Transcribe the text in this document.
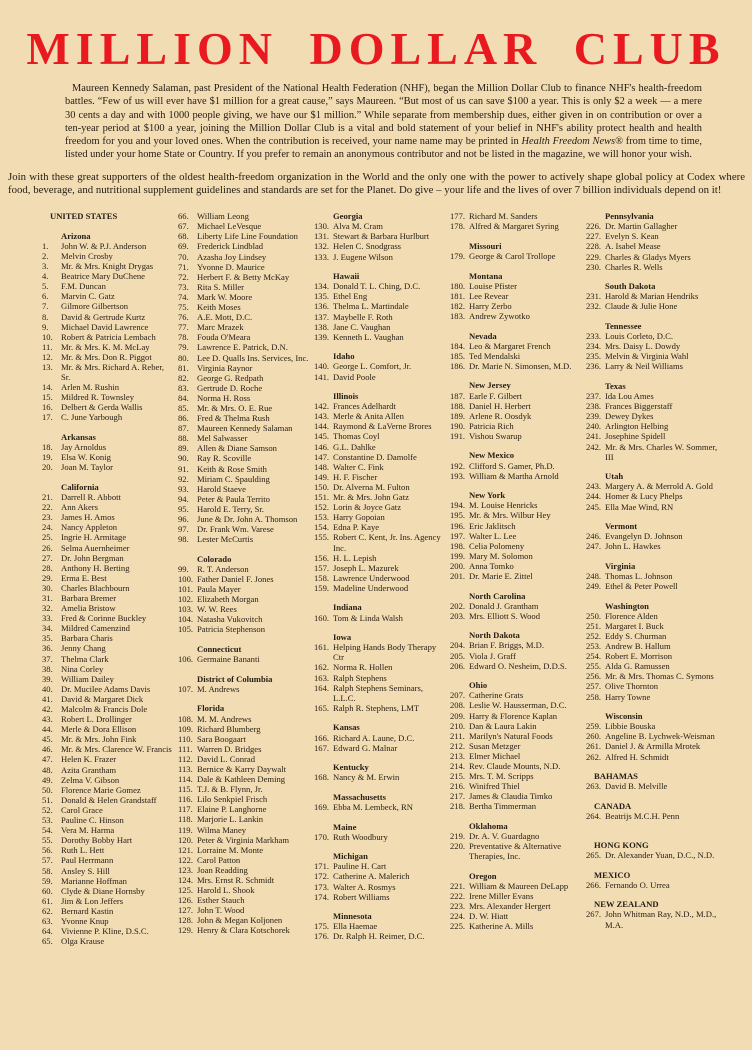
MILLION DOLLAR CLUB

Maureen Kennedy Salaman, past President of the National Health Federation (NHF), began the Million Dollar Club to finance NHF's health-freedom battles. “Few of us will ever have $1 million for a great cause,” says Maureen. “But most of us can save $100 a year. This is only $2 a week — a mere 30 cents a day and with 1000 people giving, we have our $1 million.” While separate from membership dues, either given in on contribution or over a ten-year period at $100 a year, joining the Million Dollar Club is a vital and bold statement of your belief in NHF's ability protect health and health freedom for you and your loved ones. When the contribution is received, your name name may be printed in Health Freedom News® from time to time, listed under your home State or Country. If you prefer to remain an anonymous contributor and not be listed in the magazine, we will honor your wish.

Join with these great supporters of the oldest health-freedom organization in the World and the only one with the power to actively shape global policy at Codex where food, beverage, and nutritional supplement guidelines and standards are set for the Planet. Do give – your life and the lives of over 7 billion individuals depend on it!

UNITED STATES
Arizona
1.	John W. & P.J. Anderson
2.	Melvin Crosby
3.	Mr. & Mrs. Knight Drygas
4.	Beatrice Mary DuChene
5.	F.M. Duncan
6.	Marvin C. Gatz
7.	Gilmore Gilbertson
8.	David & Gertrude Kurtz
9.	Michael David Lawrence
10. Robert & Patricia Lembach
11. Mr. & Mrs. K. M. McLay
12. Mr. & Mrs. Don R. Piggot
13. Mr. & Mrs. Richard A. Reber, Sr.
14. Arlen M. Rushin
15. Mildred R. Townsley
16. Delbert & Gerda Wallis
17. C. June Yarbough
Arkansas
18. Jay Arnoldus
19. Elsa W. Konig
20. Joan M. Taylor
California
21. Darrell R. Abbott
22. Ann Akers
23. James H. Amos
24. Nancy Appleton
25. Ingrie H. Armitage
26. Selma Auernheimer
27. Dr. John Bergman
28. Anthony H. Berting
29. Erma E. Best
30. Charles Blachbourn
31. Barbara Bremer
32. Amelia Bristow
33. Fred & Corinne Buckley
34. Mildred Camenzind
35. Barbara Charis
36. Jenny Chang
37. Thelma Clark
38. Nina Corley
39. William Dailey
40. Dr. Mucilee Adams Davis
41. David & Margaret Dick
42. Malcolm & Francis Dole
43. Robert L. Drollinger
44. Merle & Dora Ellison
45. Mr. & Mrs. John Fink
46. Mr. & Mrs. Clarence W. Francis
47. Helen K. Frazer
48. Azita Grantham
49. Zelma V. Gibson
50. Florence Marie Gomez
51. Donald & Helen Grandstaff
52. Carol Grace
53. Pauline C. Hinson
54. Vera M. Harma
55. Dorothy Bobby Hart
56. Ruth L. Hett
57. Paul Herrmann
58. Ansley S. Hill
59. Marianne Hoffman
60. Clyde & Diane Hornsby
61. Jim & Lon Jeffers
62. Bernard Kastin
63. Yvonne Knup
64. Vivienne P. Kline, D.S.C.
65. Olga Krause
66. William Leong
67. Michael LeVesque
68. Liberty Life Line Foundation
69. Frederick Lindblad
70. Azasha Joy Lindsey
71. Yvonne D. Maurice
72. Herbert F. & Betty McKay
73. Rita S. Miller
74. Mark W. Moore
75. Keith Moses
76. A.E. Mott, D.C.
77. Marc Mrazek
78. Fouda O'Meara
79. Lawrence E. Patrick, D.N.
80. Lee D. Qualls Ins. Services, Inc.
81. Virginia Raynor
82. George G. Redpath
83. Gertrude D. Roche
84. Norma H. Ross
85. Mr. & Mrs. O. E. Rue
86. Fred & Thelma Rush
87. Maureen Kennedy Salaman
88. Mel Salwasser
89. Allen & Diane Samson
90. Ray R. Scoville
91. Keith & Rose Smith
92. Miriam C. Spaulding
93. Harold Staeve
94. Peter & Paula Territo
95. Harold E. Terry, Sr.
96. June & Dr. John A. Thomson
97. Dr. Frank Wm. Varese
98. Lester McCurtis
Colorado
99. R. T. Anderson
100. Father Daniel F. Jones
101. Paula Mayer
102. Elizabeth Morgan
103. W. W. Rees
104. Natasha Vukovitch
105. Patricia Stephenson
Connecticut
106. Germaine Bananti
District of Columbia
107. M. Andrews
Florida
108. M. M. Andrews
109. Richard Blumberg
110. Sara Boogaart
111. Warren D. Bridges
112. David L. Conrad
113. Bernice & Karry Daywalt
114. Dale & Kathleen Deming
115. T.J. & B. Flynn, Jr.
116. Lilo Senkpiel Frisch
117. Elaine P. Langhorne
118. Marjorie L. Lankin
119. Wilma Maney
120. Peter & Virginia Markham
121. Lorraine M. Monte
122. Carol Patton
123. Joan Readding
124. Mrs. Ernst R. Schmidt
125. Harold L. Shook
126. Esther Stauch
127. John T. Wood
128. John & Megan Koljonen
129. Henry & Clara Kotschorek
Georgia
130. Alva M. Cram
131. Stewart & Barbara Hurlburt
132. Helen C. Snodgrass
133. J. Eugene Wilson
Hawaii
134. Donald T. L. Ching, D.C.
135. Ethel Eng
136. Thelma L. Martindale
137. Maybelle F. Roth
138. Jane C. Vaughan
139. Kenneth L. Vaughan
Idaho
140. George L. Comfort, Jr.
141. David Poole
Illinois
142. Frances Adelhardt
143. Merle & Anita Allen
144. Raymond & LaVerne Brores
145. Thomas Coyl
146. G.L. Dahlke
147. Constantine D. Damolfe
148. Walter C. Fink
149. H. F. Fischer
150. Dr. Alverna M. Fulton
151. Mr. & Mrs. John Gatz
152. Lorin & Joyce Gatz
153. Harry Gopoian
154. Edna P. Kaye
155. Robert C. Kent, Jr. Ins. Agency Inc.
156. H. L. Lepish
157. Joseph L. Mazurek
158. Lawrence Underwood
159. Madeline Underwood
Indiana
160. Tom & Linda Walsh
Iowa
161. Helping Hands Body Therapy Ctr
162. Norma R. Hollen
163. Ralph Stephens
164. Ralph Stephens Seminars, L.L.C.
165. Ralph R. Stephens, LMT
Kansas
166. Richard A. Laune, D.C.
167. Edward G. Malnar
Kentucky
168. Nancy & M. Erwin
Massachusetts
169. Ebba M. Lembeck, RN
Maine
170. Ruth Woodbury
Michigan
171. Pauline H. Cart
172. Catherine A. Malerich
173. Walter A. Rosmys
174. Robert Williams
Minnesota
175. Ella Haemae
176. Dr. Ralph H. Reimer, D.C.
177. Richard M. Sanders
178. Alfred & Margaret Syring
Missouri
179. George & Carol Trollope
Montana
180. Louise Pfister
181. Lee Revear
182. Harry Zerbo
183. Andrew Zywotko
Nevada
184. Leo & Margaret French
185. Ted Mendalski
186. Dr. Marie N. Simonsen, M.D.
New Jersey
187. Earle F. Gilbert
188. Daniel H. Herbert
189. Arlene R. Oosdyk
190. Patricia Rich
191. Vishou Swarup
New Mexico
192. Clifford S. Gamer, Ph.D.
193. William & Martha Arnold
New York
194. M. Louise Henricks
195. Mr. & Mrs. Wilbur Hey
196. Eric Jaklitsch
197. Walter L. Lee
198. Celia Polomeny
199. Mary M. Solomon
200. Anna Tomko
201. Dr. Marie E. Zittel
North Carolina
202. Donald J. Grantham
203. Mrs. Elliott S. Wood
North Dakota
204. Brian F. Briggs, M.D.
205. Viola J. Graff
206. Edward O. Nesheim, D.D.S.
Ohio
207. Catherine Grats
208. Leslie W. Hausserman, D.C.
209. Harry & Florence Kaplan
210. Dan & Laura Lakin
211. Marilyn's Natural Foods
212. Susan Metzger
213. Elmer Michael
214. Rev. Claude Mounts, N.D.
215. Mrs. T. M. Scripps
216. Winifred Thiel
217. James & Claudia Timko
218. Bertha Timmerman
Oklahoma
219. Dr. A. V. Guardagno
220. Preventative & Alternative Therapies, Inc.
Oregon
221. William & Maureen DeLapp
222. Irene Miller Evans
223. Mrs. Alexander Hergert
224. D. W. Hiatt
225. Katherine A. Mills
Pennsylvania
226. Dr. Martin Gallagher
227. Evelyn S. Kean
228. A. Isabel Mease
229. Charles & Gladys Myers
230. Charles R. Wells
South Dakota
231. Harold & Marian Hendriks
232. Claude & Julie Hone
Tennessee
233. Louis Corleto, D.C.
234. Mrs. Daisy L. Dowdy
235. Melvin & Virginia Wahl
236. Larry & Neil Williams
Texas
237. Ida Lou Ames
238. Frances Biggerstaff
239. Dewey Dykes
240. Arlington Helbing
241. Josephine Spidell
242. Mr. & Mrs. Charles W. Sommer, III
Utah
243. Margery A. & Merrold A. Gold
244. Homer & Lucy Phelps
245. Ella Mae Wind, RN
Vermont
246. Evangelyn D. Johnson
247. John L. Hawkes
Virginia
248. Thomas L. Johnson
249. Ethel & Peter Powell
Washington
250. Florence Alden
251. Margaret I. Buck
252. Eddy S. Churman
253. Andrew B. Hallum
254. Robert E. Morrison
255. Alda G. Ramussen
256. Mr. & Mrs. Thomas C. Symons
257. Olive Thornton
258. Harry Towne
Wisconsin
259. Libbie Bouska
260. Angeline B. Lychwek-Weisman
261. Daniel J. & Armilla Mrotek
262. Alfred H. Schmidt
BAHAMAS
263. David B. Melville
CANADA
264. Beatrijs M.C.H. Penn
HONG KONG
265. Dr. Alexander Yuan, D.C., N.D.
MEXICO
266. Fernando O. Urrea
NEW ZEALAND
267. John Whitman Ray, N.D., M.D., M.A.
